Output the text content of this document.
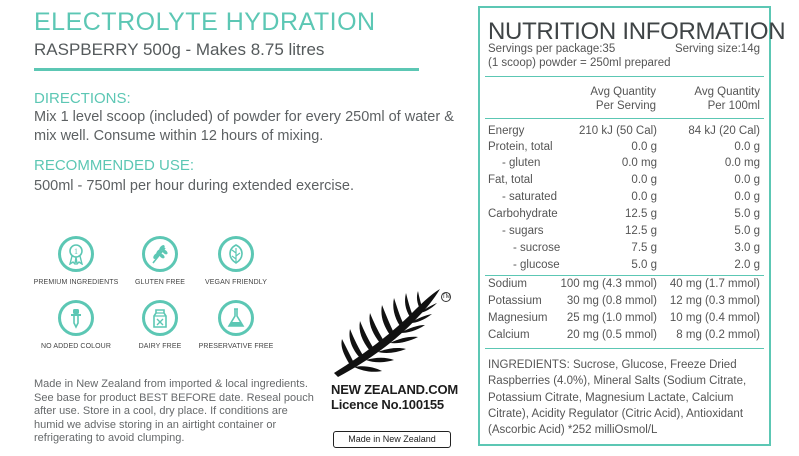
ELECTROLYTE HYDRATION
RASPBERRY 500g - Makes 8.75 litres
DIRECTIONS:
Mix 1 level scoop (included) of powder for every 250ml of water & mix well. Consume within 12 hours of mixing.
RECOMMENDED USE:
500ml - 750ml per hour during extended exercise.
1
PREMIUM INGREDIENTS	GLUTEN FREE	VEGAN FRIENDLY
NO ADDED COLOUR	DAIRY FREE	PRESERVATIVE FREE
Made in New Zealand from imported & local ingredients. See base for product BEST BEFORE date. Reseal pouch after use. Store in a cool, dry place. If conditions are humid we advise storing in an airtight container or refrigerating to avoid clumping.
TM
NEW ZEALAND.COM
Licence No.100155
Made in New Zealand
NUTRITION INFORMATION
Servings per package:35	Serving size:14g
(1 scoop) powder = 250ml prepared
Avg Quantity
Per Serving
Avg Quantity
Per 100ml
Energy	210 kJ (50 Cal)	84 kJ (20 Cal)
Protein, total	0.0 g	0.0 g
- gluten	0.0 mg	0.0 mg
Fat, total	0.0 g	0.0 g
- saturated	0.0 g	0.0 g
Carbohydrate	12.5 g	5.0 g
- sugars	12.5 g	5.0 g
- sucrose	7.5 g	3.0 g
- glucose	5.0 g	2.0 g
Sodium	100 mg (4.3 mmol) 40 mg (1.7 mmol)
Potassium 30 mg (0.8 mmol) 12 mg (0.3 mmol)
Magnesium 25 mg (1.0 mmol) 10 mg (0.4 mmol)
Calcium	20 mg (0.5 mmol) 8 mg (0.2 mmol)
INGREDIENTS: Sucrose, Glucose, Freeze Dried Raspberries (4.0%), Mineral Salts (Sodium Citrate, Potassium Citrate, Magnesium Lactate, Calcium Citrate), Acidity Regulator (Citric Acid), Antioxidant (Ascorbic Acid) *252 milliOsmol/L
